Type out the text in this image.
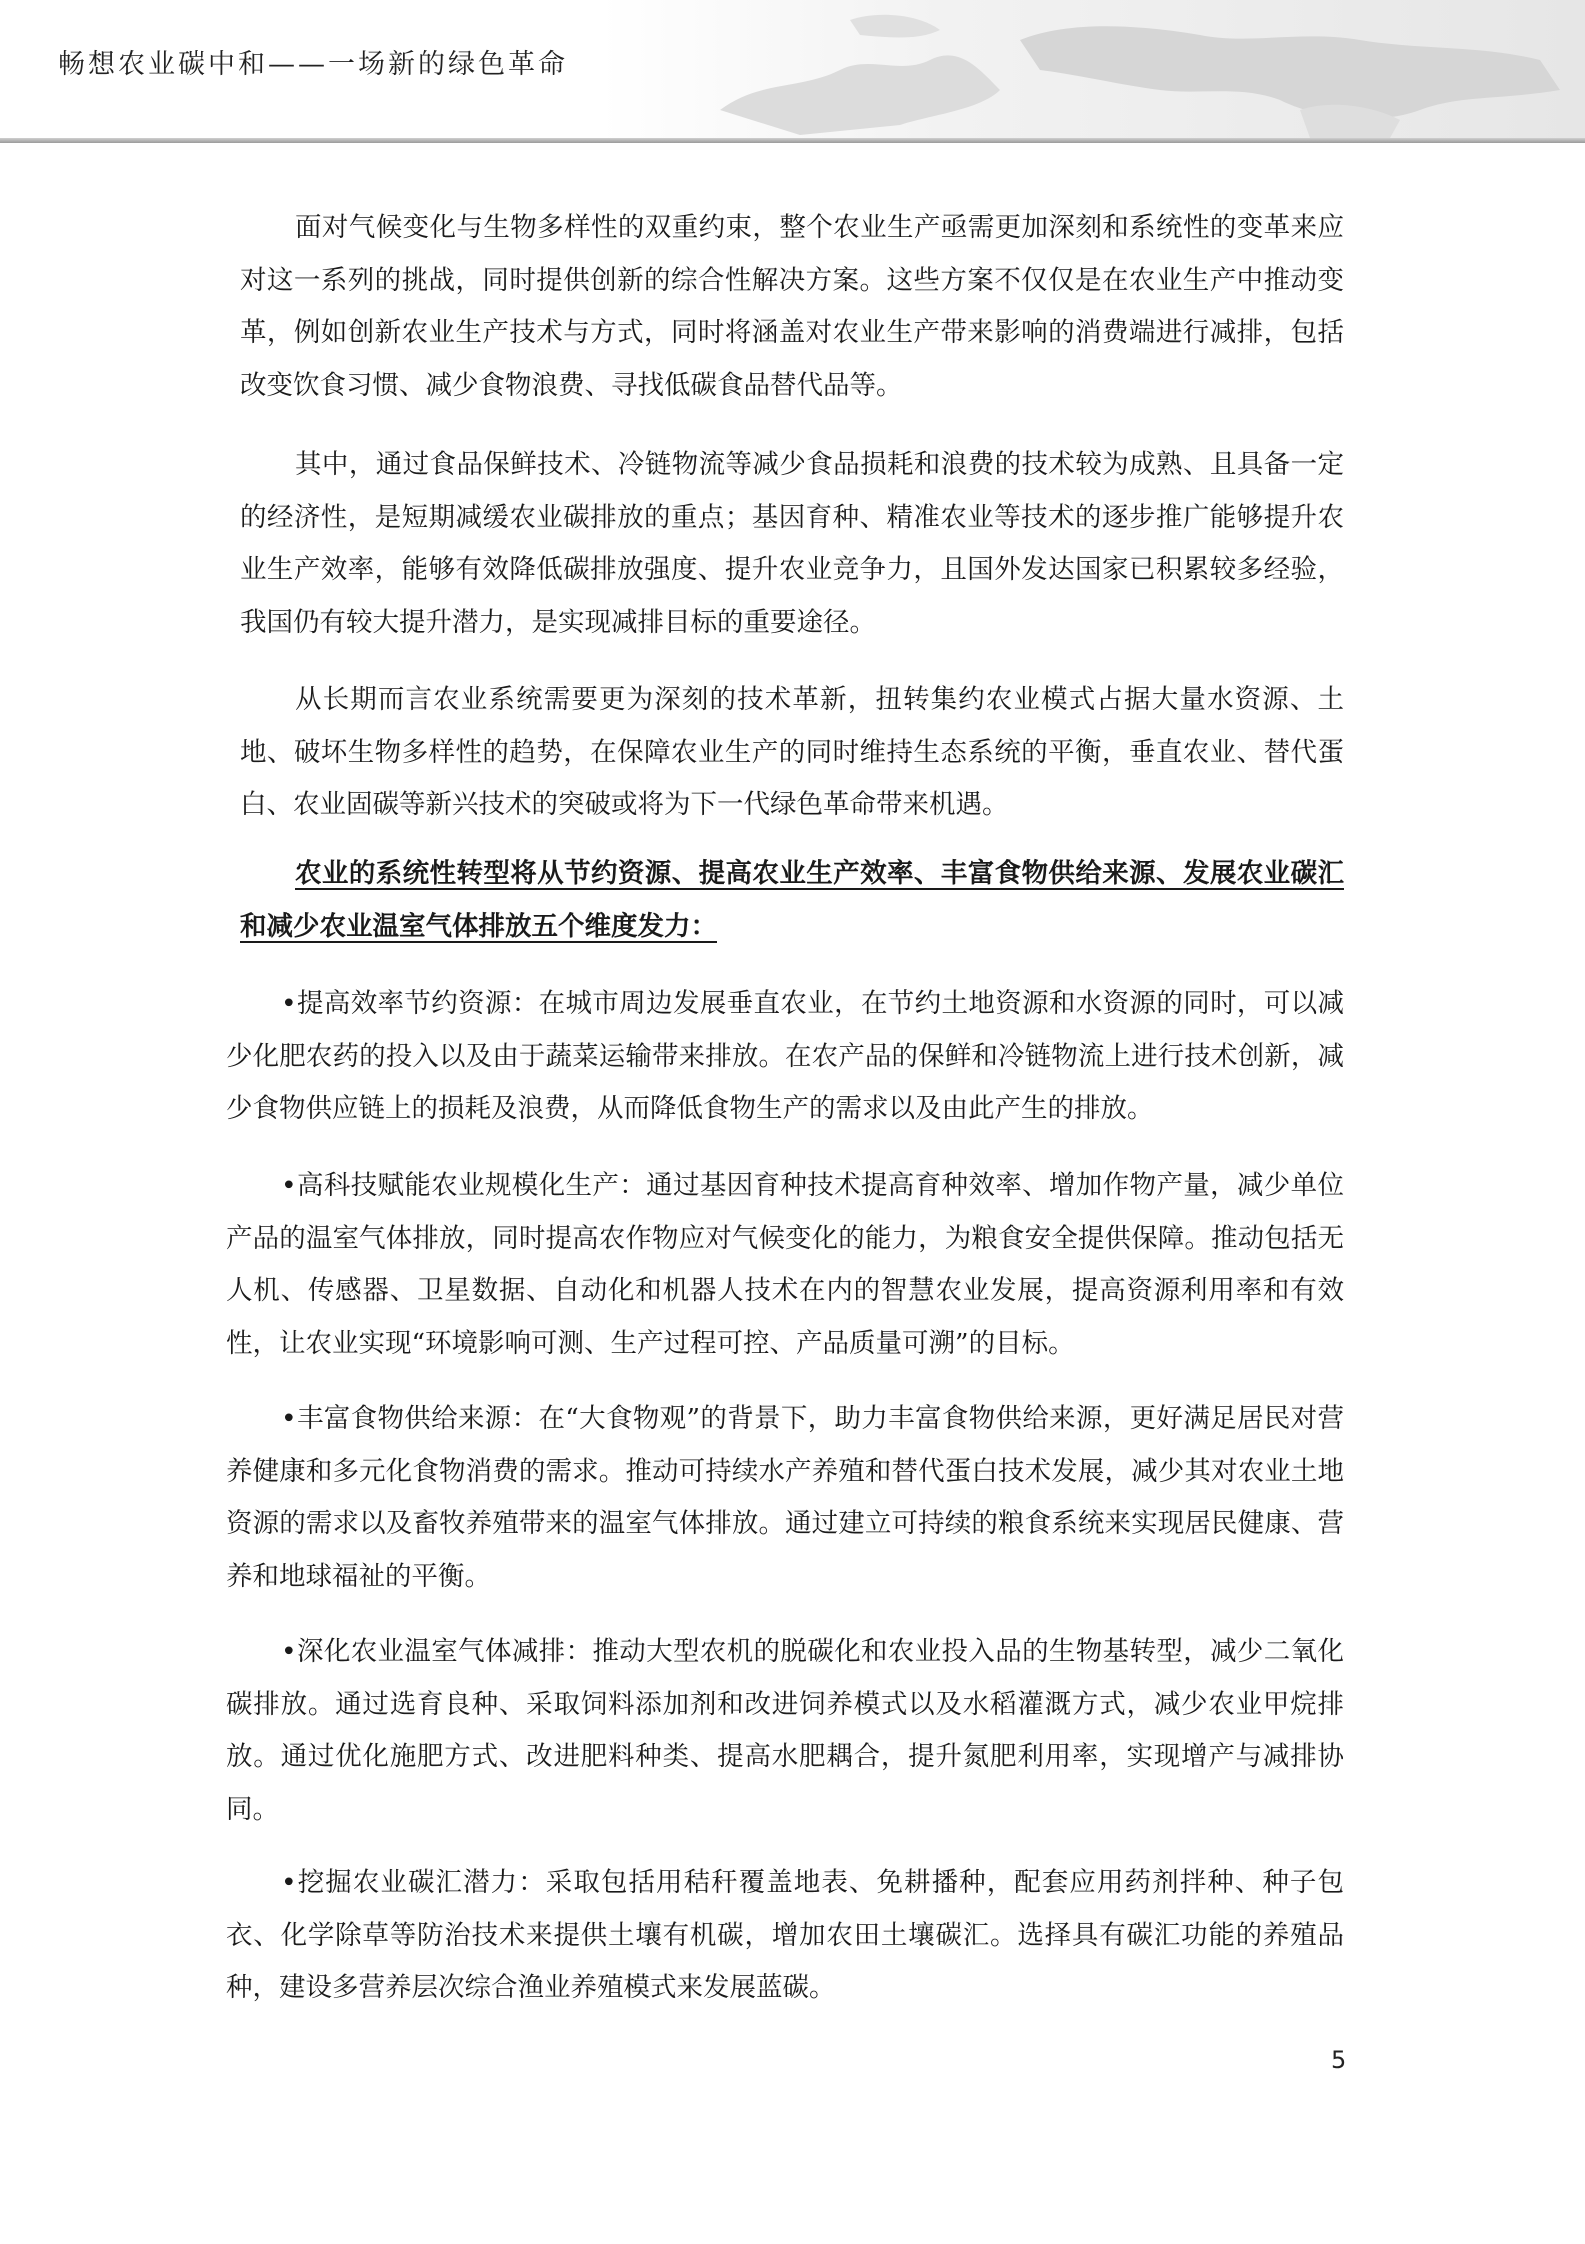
畅想农业碳中和——一场新的绿色革命

面对气候变化与生物多样性的双重约束，整个农业生产亟需更加深刻和系统性的变革来应对这一系列的挑战，同时提供创新的综合性解决方案。这些方案不仅仅是在农业生产中推动变革，例如创新农业生产技术与方式，同时将涵盖对农业生产带来影响的消费端进行减排，包括改变饮食习惯、减少食物浪费、寻找低碳食品替代品等。

其中，通过食品保鲜技术、冷链物流等减少食品损耗和浪费的技术较为成熟、且具备一定的经济性，是短期减缓农业碳排放的重点；基因育种、精准农业等技术的逐步推广能够提升农业生产效率，能够有效降低碳排放强度、提升农业竞争力，且国外发达国家已积累较多经验，我国仍有较大提升潜力，是实现减排目标的重要途径。

从长期而言农业系统需要更为深刻的技术革新，扭转集约农业模式占据大量水资源、土地、破坏生物多样性的趋势，在保障农业生产的同时维持生态系统的平衡，垂直农业、替代蛋白、农业固碳等新兴技术的突破或将为下一代绿色革命带来机遇。

农业的系统性转型将从节约资源、提高农业生产效率、丰富食物供给来源、发展农业碳汇和减少农业温室气体排放五个维度发力：

•提高效率节约资源：在城市周边发展垂直农业，在节约土地资源和水资源的同时，可以减少化肥农药的投入以及由于蔬菜运输带来排放。在农产品的保鲜和冷链物流上进行技术创新，减少食物供应链上的损耗及浪费，从而降低食物生产的需求以及由此产生的排放。

•高科技赋能农业规模化生产：通过基因育种技术提高育种效率、增加作物产量，减少单位产品的温室气体排放，同时提高农作物应对气候变化的能力，为粮食安全提供保障。推动包括无人机、传感器、卫星数据、自动化和机器人技术在内的智慧农业发展，提高资源利用率和有效性，让农业实现“环境影响可测、生产过程可控、产品质量可溯”的目标。

•丰富食物供给来源：在“大食物观”的背景下，助力丰富食物供给来源，更好满足居民对营养健康和多元化食物消费的需求。推动可持续水产养殖和替代蛋白技术发展，减少其对农业土地资源的需求以及畜牧养殖带来的温室气体排放。通过建立可持续的粮食系统来实现居民健康、营养和地球福祉的平衡。

•深化农业温室气体减排：推动大型农机的脱碳化和农业投入品的生物基转型，减少二氧化碳排放。通过选育良种、采取饲料添加剂和改进饲养模式以及水稻灌溉方式，减少农业甲烷排放。通过优化施肥方式、改进肥料种类、提高水肥耦合，提升氮肥利用率，实现增产与减排协同。

•挖掘农业碳汇潜力：采取包括用秸秆覆盖地表、免耕播种，配套应用药剂拌种、种子包衣、化学除草等防治技术来提供土壤有机碳，增加农田土壤碳汇。选择具有碳汇功能的养殖品种，建设多营养层次综合渔业养殖模式来发展蓝碳。

5
